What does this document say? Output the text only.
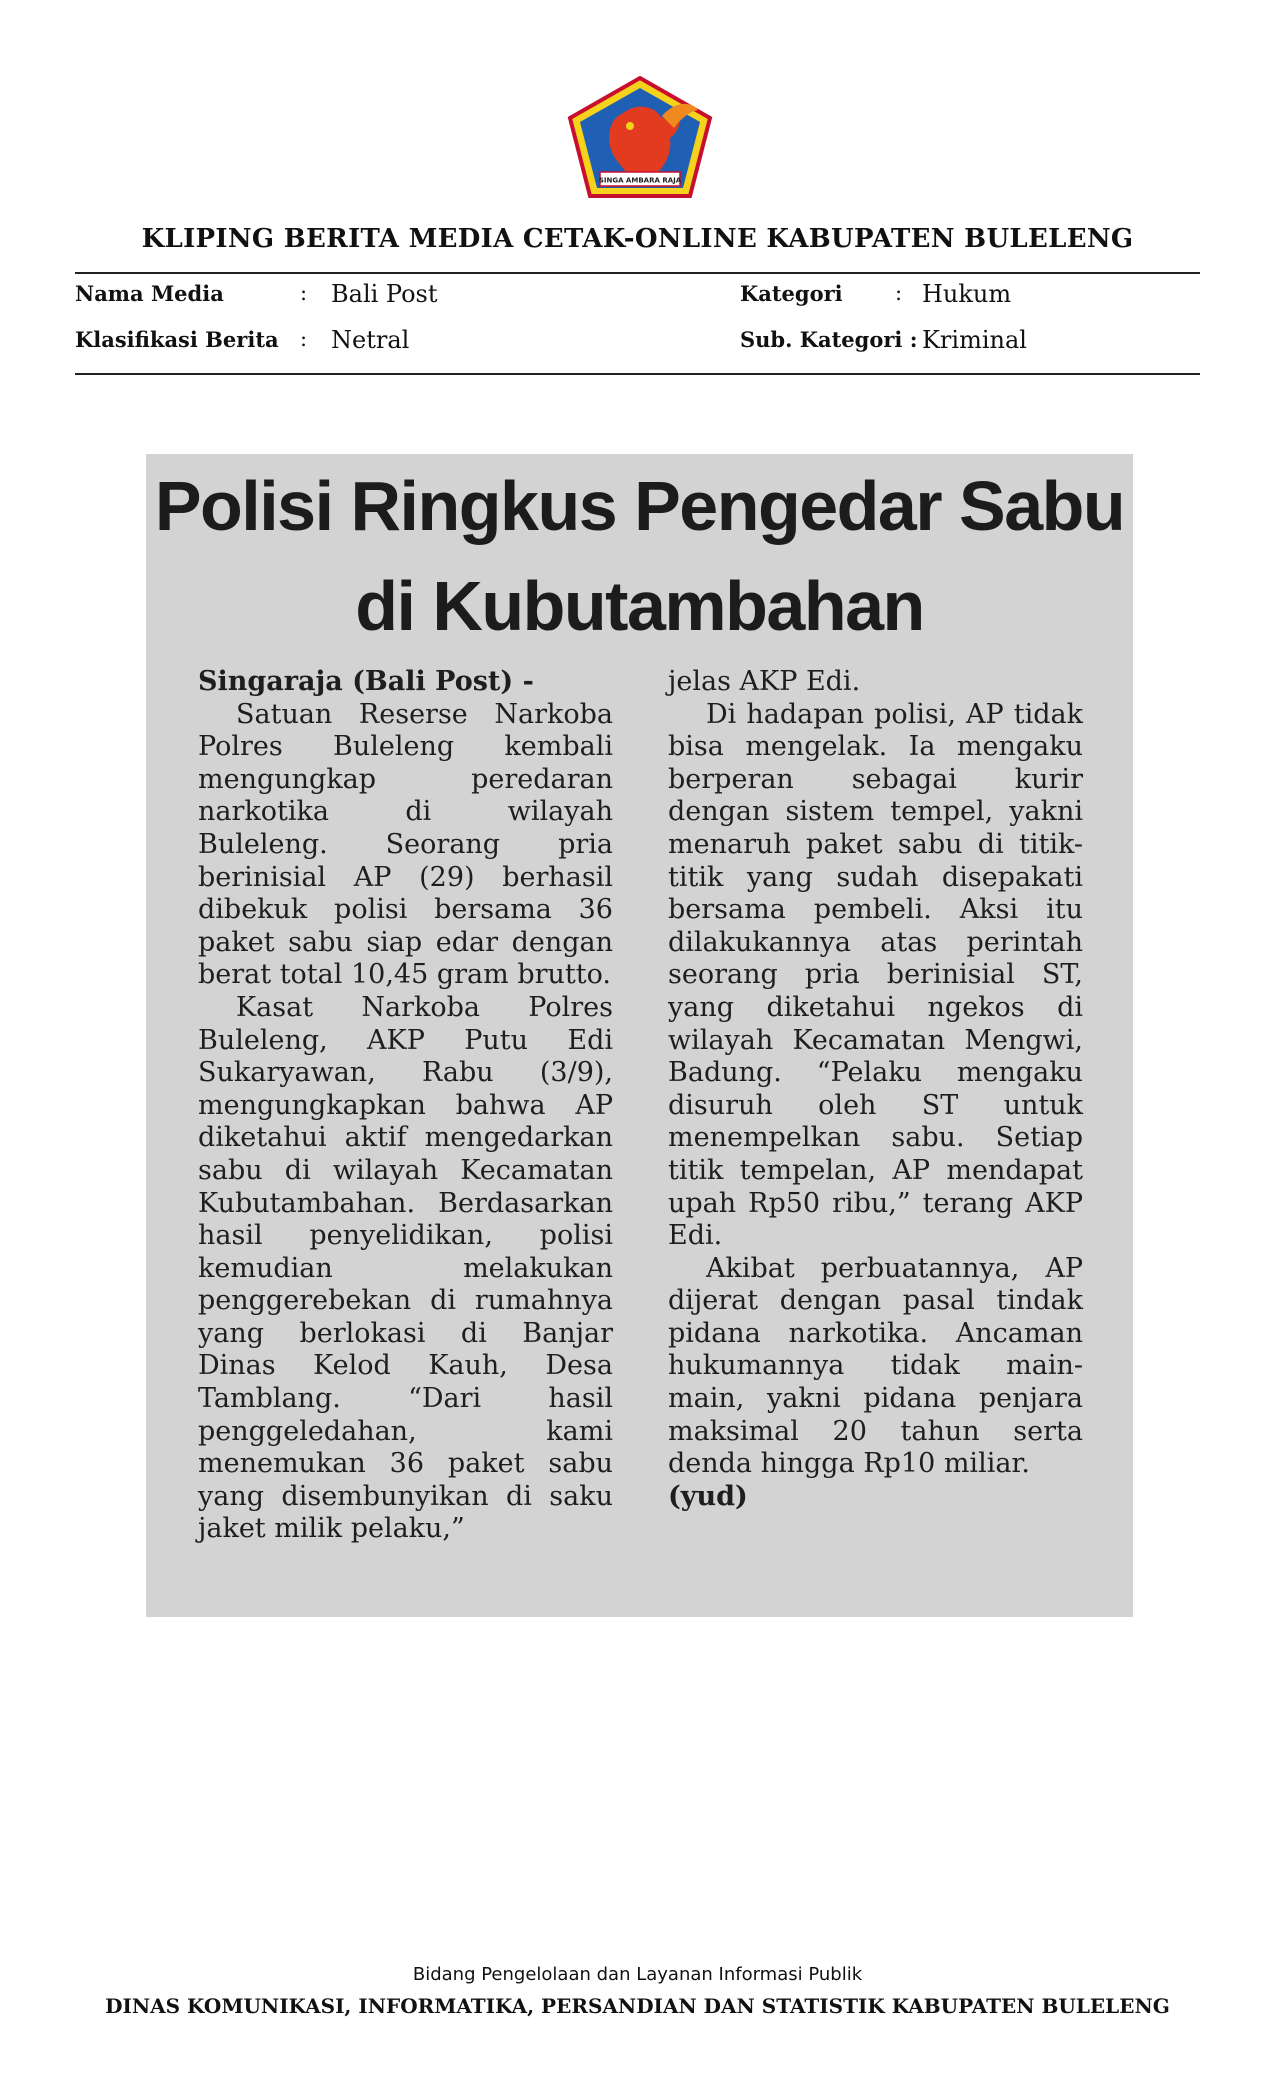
SINGA AMBARA RAJA
KLIPING BERITA MEDIA CETAK-ONLINE KABUPATEN BULELENG
Nama Media	: Bali Post	Kategori : Hukum
Klasifikasi Berita : Netral	Sub. Kategori : Kriminal
Polisi Ringkus Pengedar Sabu
di Kubutambahan

Singaraja (Bali Post) -

Satuan Reserse Narkoba Polres Buleleng kembali mengungkap peredaran narkotika di wilayah Buleleng. Seorang pria berinisial AP (29) berhasil dibekuk polisi bersama 36 paket sabu siap edar dengan berat total 10,45 gram brutto.

Kasat Narkoba Polres Buleleng, AKP Putu Edi Sukaryawan, Rabu (3/9), mengungkapkan bahwa AP diketahui aktif mengedarkan sabu di wilayah Kecamatan Kubutambahan. Berdasarkan hasil penyelidikan, polisi kemudian melakukan penggerebekan di rumahnya yang berlokasi di Banjar Dinas Kelod Kauh, Desa Tamblang. “Dari hasil penggeledahan, kami menemukan 36 paket sabu yang disembunyikan di saku jaket milik pelaku,”

jelas AKP Edi.

Di hadapan polisi, AP tidak bisa mengelak. Ia mengaku berperan sebagai kurir dengan sistem tempel, yakni menaruh paket sabu di titik-titik yang sudah disepakati bersama pembeli. Aksi itu dilakukannya atas perintah seorang pria berinisial ST, yang diketahui ngekos di wilayah Kecamatan Mengwi, Badung. “Pelaku mengaku disuruh oleh ST untuk menempelkan sabu. Setiap titik tempelan, AP mendapat upah Rp50 ribu,” terang AKP Edi.

Akibat perbuatannya, AP dijerat dengan pasal tindak pidana narkotika. Ancaman hukumannya tidak main-main, yakni pidana penjara maksimal 20 tahun serta denda hingga Rp10 miliar.

(yud)

Bidang Pengelolaan dan Layanan Informasi Publik
DINAS KOMUNIKASI, INFORMATIKA, PERSANDIAN DAN STATISTIK KABUPATEN BULELENG
